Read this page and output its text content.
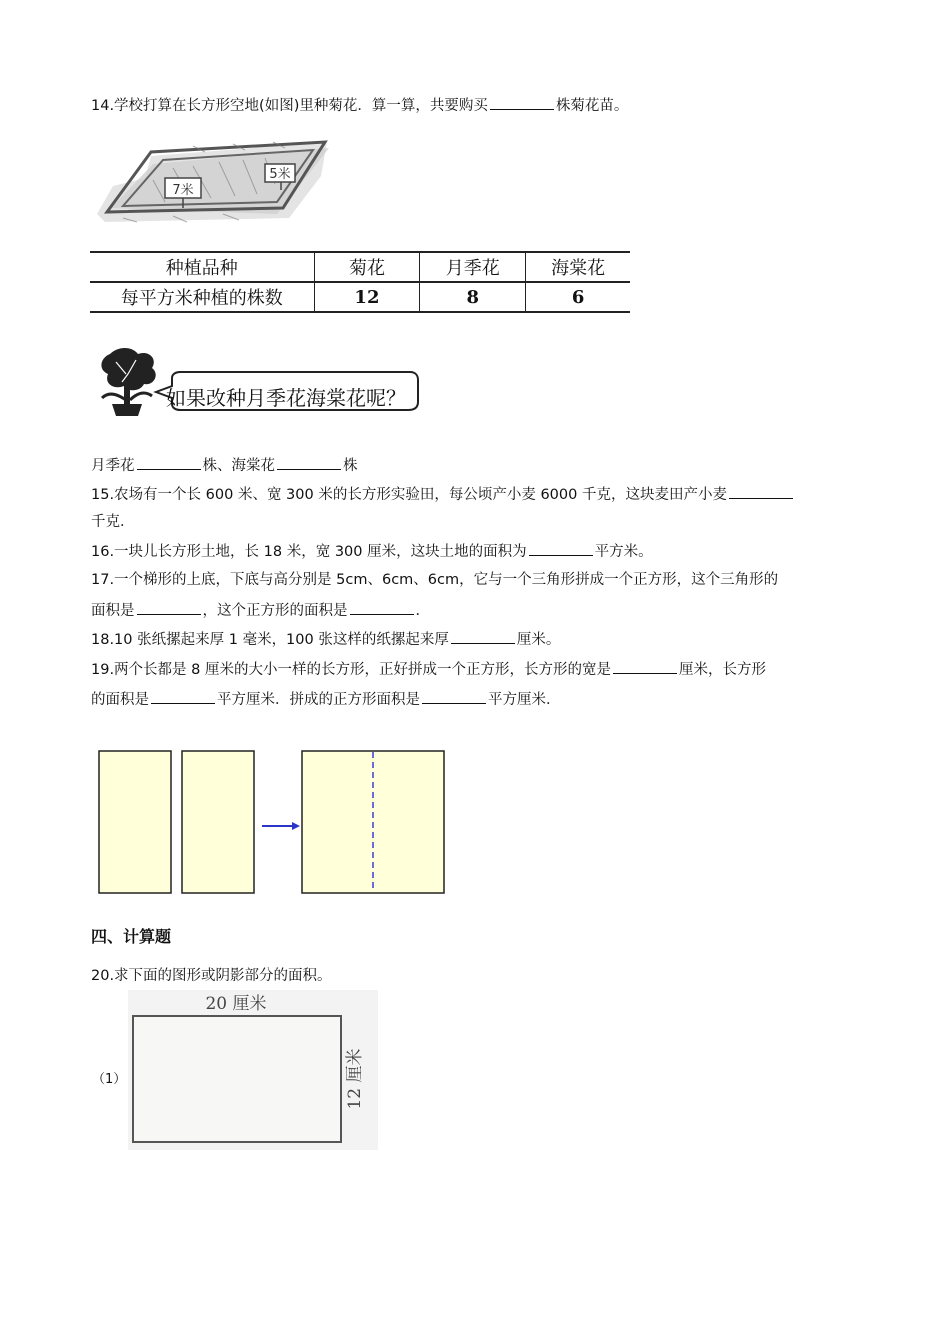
14.学校打算在长方形空地(如图)里种菊花．算一算，共要购买	株菊花苗。
7米
5米
种植品种	菊花	月季花	海棠花
每平方米种植的株数	12	8	6
如果改种月季花海棠花呢？
月季花	株、海棠花	株
15.农场有一个长 600 米、宽 300 米的长方形实验田，每公顷产小麦 6000 千克，这块麦田产小麦
千克．
16.一块儿长方形土地，长 18 米，宽 300 厘米，这块土地的面积为	平方米。
17.一个梯形的上底，下底与高分别是 5cm、6cm、6cm，它与一个三角形拼成一个正方形，这个三角形的
面积是	，这个正方形的面积是	．
18.10 张纸摞起来厚 1 毫米，100 张这样的纸摞起来厚	厘米。
19.两个长都是 8 厘米的大小一样的长方形，正好拼成一个正方形，长方形的宽是	厘米，长方形
的面积是	平方厘米．拼成的正方形面积是	平方厘米．
四、计算题
20.求下面的图形或阴影部分的面积。
（1）
20 厘米
12 厘米
